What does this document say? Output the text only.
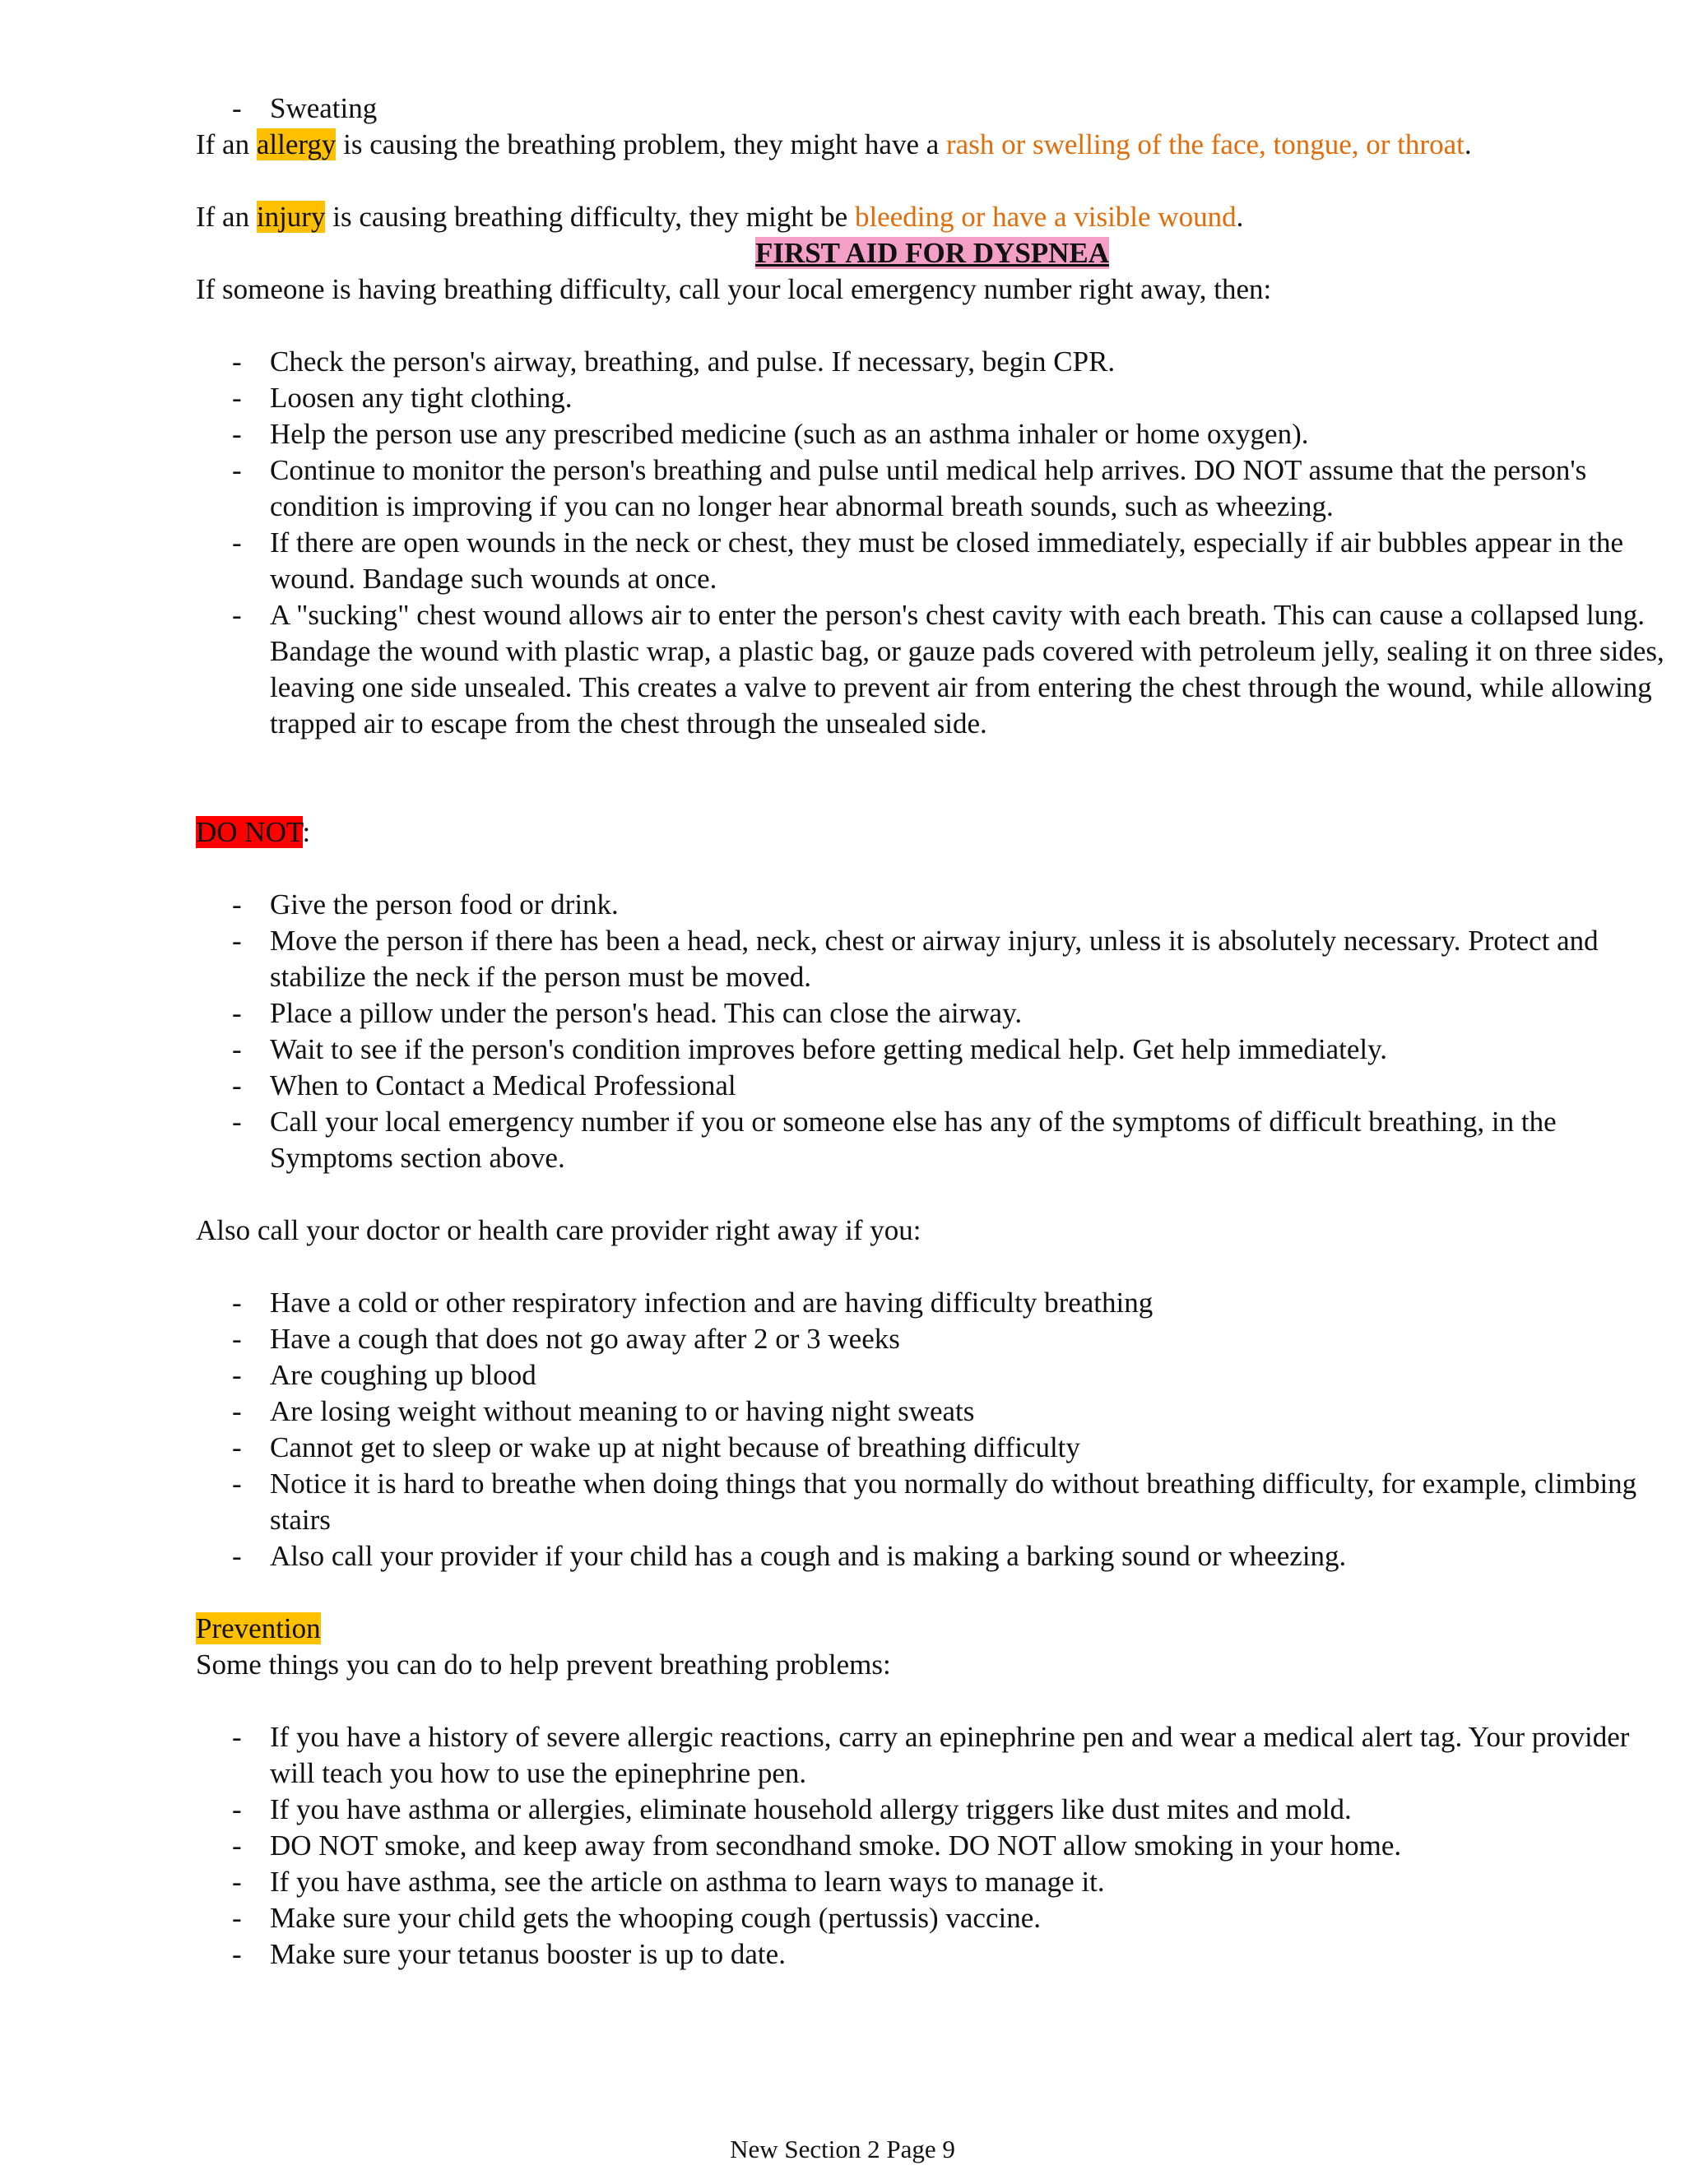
- Sweating

If an allergy is causing the breathing problem, they might have a rash or swelling of the face, tongue, or throat.

If an injury is causing breathing difficulty, they might be bleeding or have a visible wound.

FIRST AID FOR DYSPNEA

If someone is having breathing difficulty, call your local emergency number right away, then:

- Check the person's airway, breathing, and pulse. If necessary, begin CPR.
- Loosen any tight clothing.
- Help the person use any prescribed medicine (such as an asthma inhaler or home oxygen).
- Continue to monitor the person's breathing and pulse until medical help arrives. DO NOT assume that the person's condition is improving if you can no longer hear abnormal breath sounds, such as wheezing.
- If there are open wounds in the neck or chest, they must be closed immediately, especially if air bubbles appear in the wound. Bandage such wounds at once.
- A "sucking" chest wound allows air to enter the person's chest cavity with each breath. This can cause a collapsed lung. Bandage the wound with plastic wrap, a plastic bag, or gauze pads covered with petroleum jelly, sealing it on three sides, leaving one side unsealed. This creates a valve to prevent air from entering the chest through the wound, while allowing trapped air to escape from the chest through the unsealed side.

DO NOT:

- Give the person food or drink.
- Move the person if there has been a head, neck, chest or airway injury, unless it is absolutely necessary. Protect and stabilize the neck if the person must be moved.
- Place a pillow under the person's head. This can close the airway.
- Wait to see if the person's condition improves before getting medical help. Get help immediately.
- When to Contact a Medical Professional
- Call your local emergency number if you or someone else has any of the symptoms of difficult breathing, in the Symptoms section above.

Also call your doctor or health care provider right away if you:

- Have a cold or other respiratory infection and are having difficulty breathing
- Have a cough that does not go away after 2 or 3 weeks
- Are coughing up blood
- Are losing weight without meaning to or having night sweats
- Cannot get to sleep or wake up at night because of breathing difficulty
- Notice it is hard to breathe when doing things that you normally do without breathing difficulty, for example, climbing stairs
- Also call your provider if your child has a cough and is making a barking sound or wheezing.

Prevention

Some things you can do to help prevent breathing problems:

- If you have a history of severe allergic reactions, carry an epinephrine pen and wear a medical alert tag. Your provider will teach you how to use the epinephrine pen.
- If you have asthma or allergies, eliminate household allergy triggers like dust mites and mold.
- DO NOT smoke, and keep away from secondhand smoke. DO NOT allow smoking in your home.
- If you have asthma, see the article on asthma to learn ways to manage it.
- Make sure your child gets the whooping cough (pertussis) vaccine.
- Make sure your tetanus booster is up to date.
New Section 2 Page 9
